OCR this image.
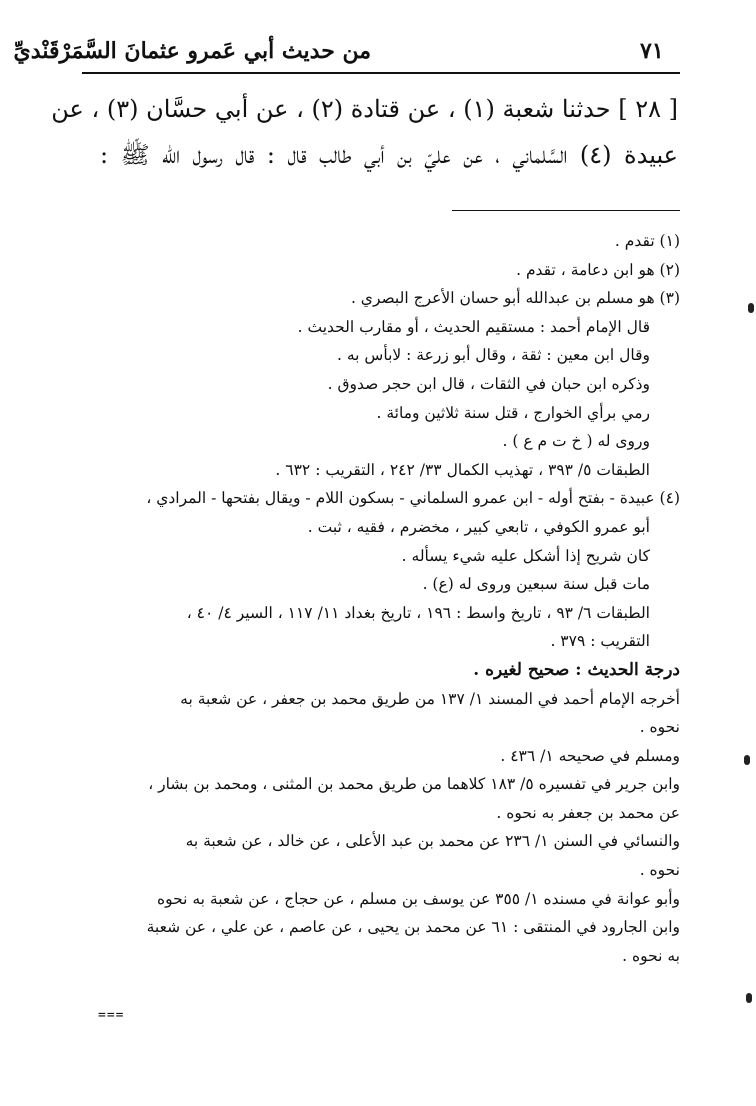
من حديث أبي عَمرو عثمانَ السَّمَرْقَنْديِّ	٧١
[ ٢٨ ] حدثنا شعبة (١) ، عن قتادة (٢) ، عن أبي حسَّان (٣) ، عن
عبيدة (٤) السَّلماني ، عن عليّ بن أبي طالب قال : قال رسول الله ﷺ :
(١) تقدم .
(٢) هو ابن دعامة ، تقدم .
(٣) هو مسلم بن عبدالله أبو حسان الأعرج البصري .
قال الإمام أحمد : مستقيم الحديث ، أو مقارب الحديث .
وقال ابن معين : ثقة ، وقال أبو زرعة : لابأس به .
وذكره ابن حبان في الثقات ، قال ابن حجر صدوق .
رمي برأي الخوارج ، قتل سنة ثلاثين ومائة .
وروى له ( خ ت م ع ) .
الطبقات ٥/ ٣٩٣ ، تهذيب الكمال ٣٣/ ٢٤٢ ، التقريب : ٦٣٢ .
(٤) عبيدة - بفتح أوله - ابن عمرو السلماني - بسكون اللام - ويقال بفتحها - المرادي ،
أبو عمرو الكوفي ، تابعي كبير ، مخضرم ، فقيه ، ثبت .
كان شريح إذا أشكل عليه شيء يسأله .
مات قبل سنة سبعين وروى له (ع) .
الطبقات ٦/ ٩٣ ، تاريخ واسط : ١٩٦ ، تاريخ بغداد ١١/ ١١٧ ، السير ٤/ ٤٠ ،
التقريب : ٣٧٩ .
درجة الحديث : صحيح لغيره .
أخرجه الإمام أحمد في المسند ١/ ١٣٧ من طريق محمد بن جعفر ، عن شعبة به
نحوه .
ومسلم في صحيحه ١/ ٤٣٦ .
وابن جرير في تفسيره ٥/ ١٨٣ كلاهما من طريق محمد بن المثنى ، ومحمد بن بشار ،
عن محمد بن جعفر به نحوه .
والنسائي في السنن ١/ ٢٣٦ عن محمد بن عبد الأعلى ، عن خالد ، عن شعبة به
نحوه .
وأبو عوانة في مسنده ١/ ٣٥٥ عن يوسف بن مسلم ، عن حجاج ، عن شعبة به نحوه
وابن الجارود في المنتقى : ٦١ عن محمد بن يحيى ، عن عاصم ، عن علي ، عن شعبة
به نحوه .
===
